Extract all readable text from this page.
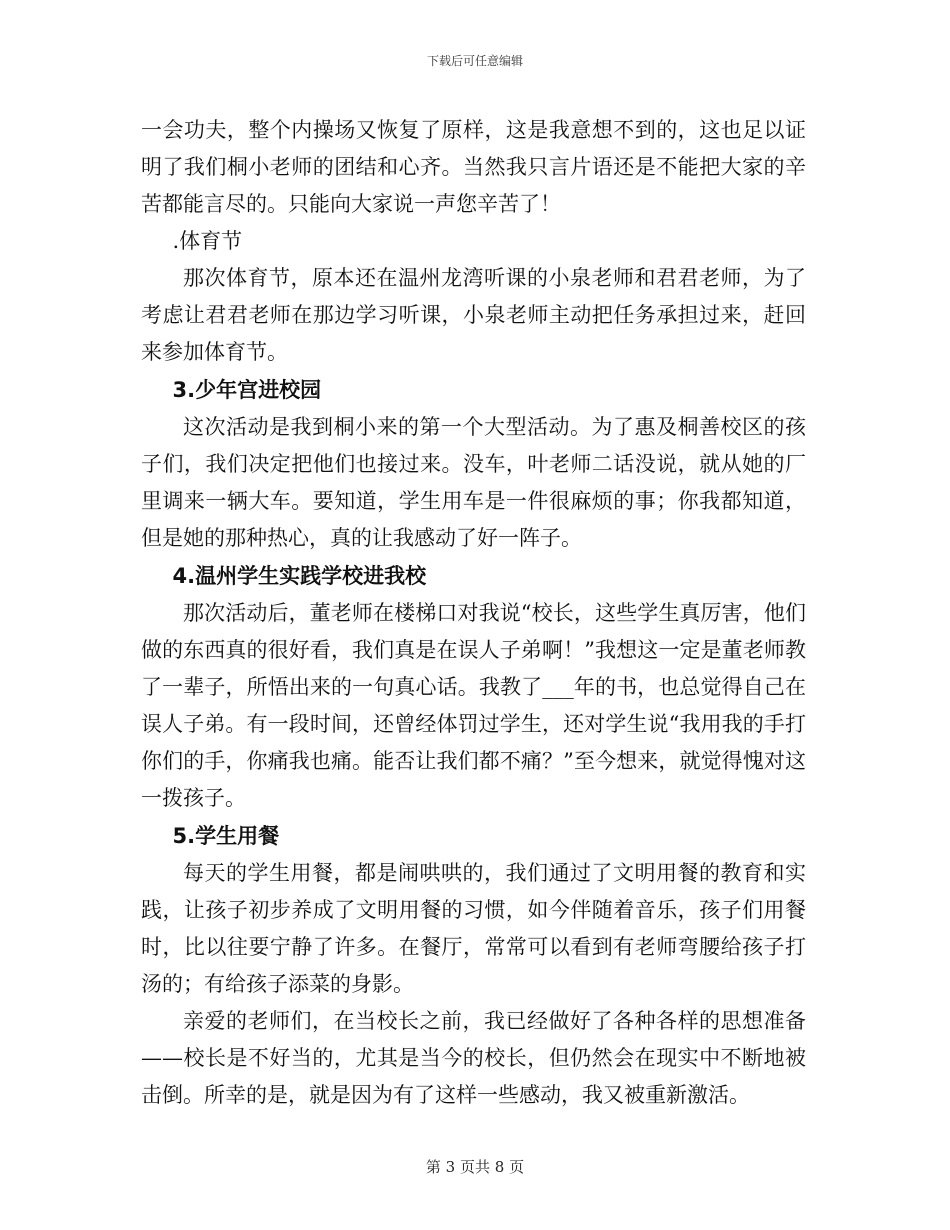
下载后可任意编辑

一会功夫，整个内操场又恢复了原样，这是我意想不到的，这也足以证明了我们桐小老师的团结和心齐。当然我只言片语还是不能把大家的辛苦都能言尽的。只能向大家说一声您辛苦了！

.体育节

那次体育节，原本还在温州龙湾听课的小泉老师和君君老师，为了考虑让君君老师在那边学习听课，小泉老师主动把任务承担过来，赶回来参加体育节。

3.少年宫进校园

这次活动是我到桐小来的第一个大型活动。为了惠及桐善校区的孩子们，我们决定把他们也接过来。没车，叶老师二话没说，就从她的厂里调来一辆大车。要知道，学生用车是一件很麻烦的事；你我都知道，但是她的那种热心，真的让我感动了好一阵子。

4.温州学生实践学校进我校

那次活动后，董老师在楼梯口对我说“校长，这些学生真厉害，他们做的东西真的很好看，我们真是在误人子弟啊！”我想这一定是董老师教了一辈子，所悟出来的一句真心话。我教了___年的书，也总觉得自己在误人子弟。有一段时间，还曾经体罚过学生，还对学生说“我用我的手打你们的手，你痛我也痛。能否让我们都不痛？”至今想来，就觉得愧对这一拨孩子。

5.学生用餐

每天的学生用餐，都是闹哄哄的，我们通过了文明用餐的教育和实践，让孩子初步养成了文明用餐的习惯，如今伴随着音乐，孩子们用餐时，比以往要宁静了许多。在餐厅，常常可以看到有老师弯腰给孩子打汤的；有给孩子添菜的身影。

亲爱的老师们，在当校长之前，我已经做好了各种各样的思想准备——校长是不好当的，尤其是当今的校长，但仍然会在现实中不断地被击倒。所幸的是，就是因为有了这样一些感动，我又被重新激活。

第 3 页共 8 页
